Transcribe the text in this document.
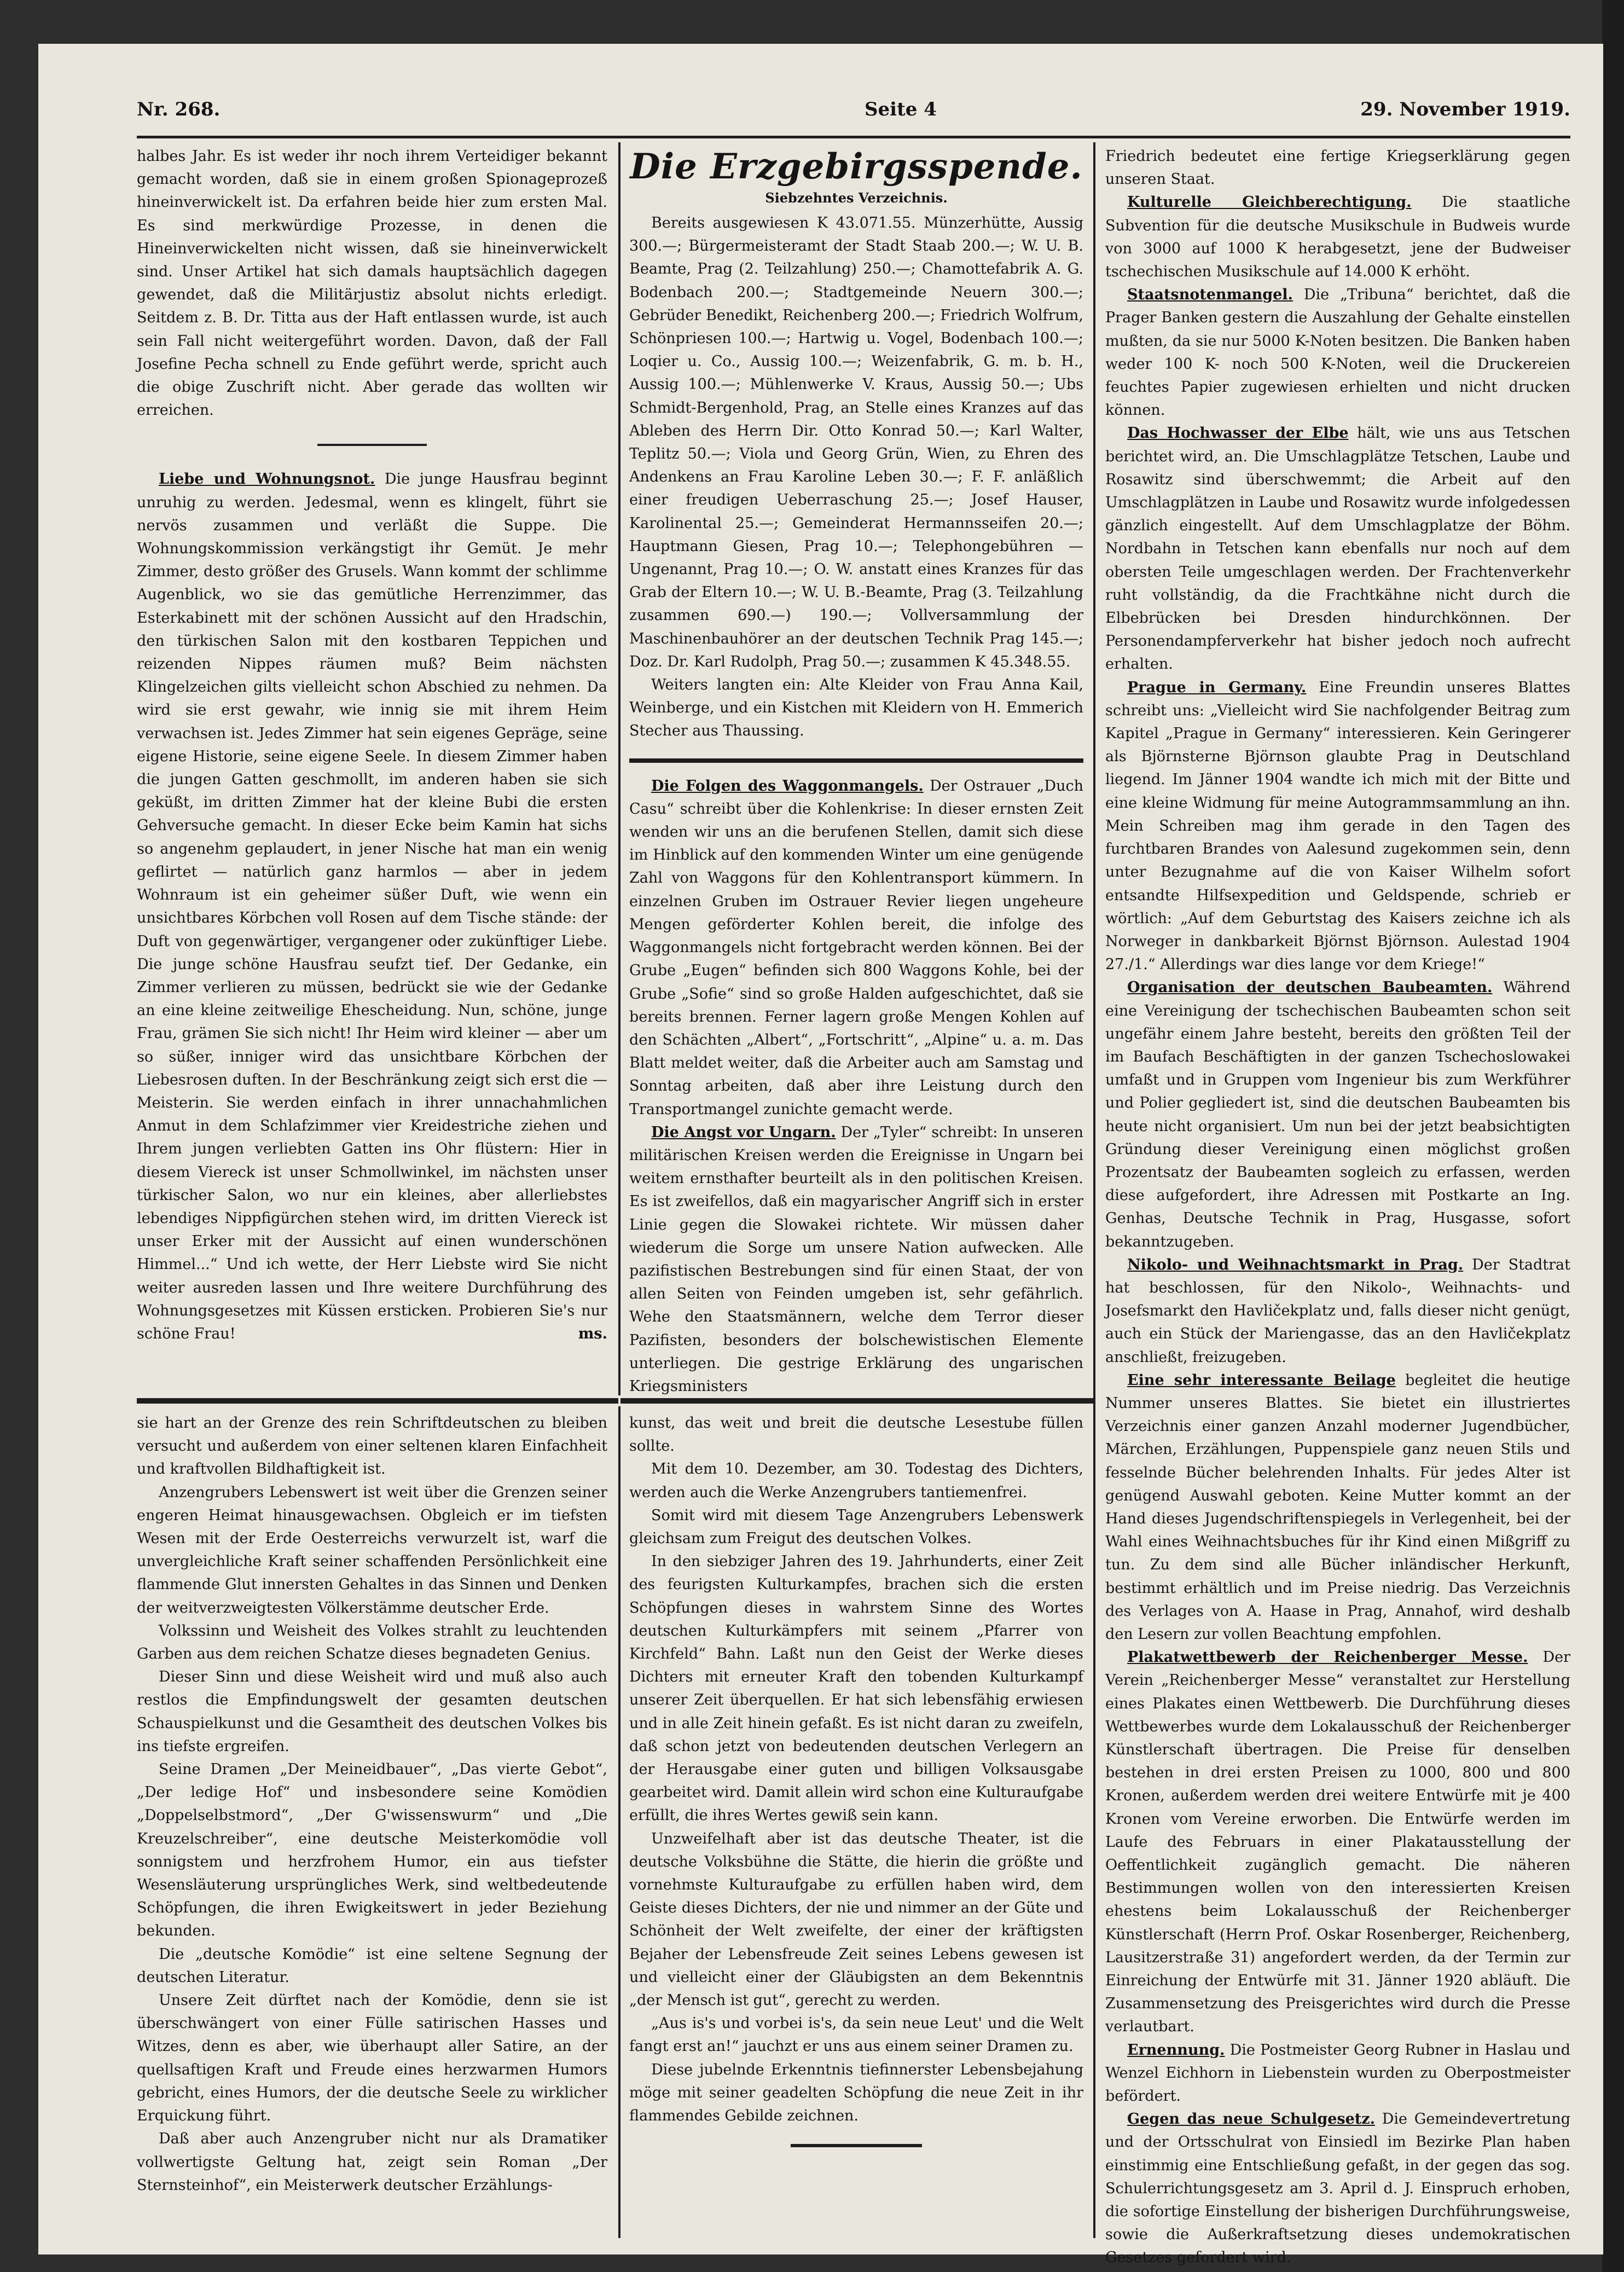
Nr. 268.	Seite 4	29. November 1919.

halbes Jahr. Es ist weder ihr noch ihrem Verteidiger bekannt gemacht worden, daß sie in einem großen Spionageprozeß hineinverwickelt ist. Da erfahren beide hier zum ersten Mal. Es sind merkwürdige Prozesse, in denen die Hineinverwickelten nicht wissen, daß sie hineinverwickelt sind. Unser Artikel hat sich damals hauptsächlich dagegen gewendet, daß die Militärjustiz absolut nichts erledigt. Seitdem z. B. Dr. Titta aus der Haft entlassen wurde, ist auch sein Fall nicht weitergeführt worden. Davon, daß der Fall Josefine Pecha schnell zu Ende geführt werde, spricht auch die obige Zuschrift nicht. Aber gerade das wollten wir erreichen.

Liebe und Wohnungsnot. Die junge Hausfrau beginnt unruhig zu werden. Jedesmal, wenn es klingelt, führt sie nervös zusammen und verläßt die Suppe. Die Wohnungskommission verkängstigt ihr Gemüt. Je mehr Zimmer, desto größer des Grusels. Wann kommt der schlimme Augenblick, wo sie das gemütliche Herrenzimmer, das Esterkabinett mit der schönen Aussicht auf den Hradschin, den türkischen Salon mit den kostbaren Teppichen und reizenden Nippes räumen muß? Beim nächsten Klingelzeichen gilts vielleicht schon Abschied zu nehmen. Da wird sie erst gewahr, wie innig sie mit ihrem Heim verwachsen ist. Jedes Zimmer hat sein eigenes Gepräge, seine eigene Historie, seine eigene Seele. In diesem Zimmer haben die jungen Gatten geschmollt, im anderen haben sie sich geküßt, im dritten Zimmer hat der kleine Bubi die ersten Gehversuche gemacht. In dieser Ecke beim Kamin hat sichs so angenehm geplaudert, in jener Nische hat man ein wenig geflirtet — natürlich ganz harmlos — aber in jedem Wohnraum ist ein geheimer süßer Duft, wie wenn ein unsichtbares Körbchen voll Rosen auf dem Tische stände: der Duft von gegenwärtiger, vergangener oder zukünftiger Liebe. Die junge schöne Hausfrau seufzt tief. Der Gedanke, ein Zimmer verlieren zu müssen, bedrückt sie wie der Gedanke an eine kleine zeitweilige Ehescheidung. Nun, schöne, junge Frau, grämen Sie sich nicht! Ihr Heim wird kleiner — aber um so süßer, inniger wird das unsichtbare Körbchen der Liebesrosen duften. In der Beschränkung zeigt sich erst die — Meisterin. Sie werden einfach in ihrer unnachahmlichen Anmut in dem Schlafzimmer vier Kreidestriche ziehen und Ihrem jungen verliebten Gatten ins Ohr flüstern: Hier in diesem Viereck ist unser Schmollwinkel, im nächsten unser türkischer Salon, wo nur ein kleines, aber allerliebstes lebendiges Nippfigürchen stehen wird, im dritten Viereck ist unser Erker mit der Aussicht auf einen wunderschönen Himmel...“ Und ich wette, der Herr Liebste wird Sie nicht weiter ausreden lassen und Ihre weitere Durchführung des Wohnungsgesetzes mit Küssen ersticken. Probieren Sie's nur schöne Frau!	ms.

Die Erzgebirgsspende.
Siebzehntes Verzeichnis.

Bereits ausgewiesen K 43.071.55. Münzerhütte, Aussig 300.—; Bürgermeisteramt der Stadt Staab 200.—; W. U. B. Beamte, Prag (2. Teilzahlung) 250.—; Chamottefabrik A. G. Bodenbach 200.—; Stadtgemeinde Neuern 300.—; Gebrüder Benedikt, Reichenberg 200.—; Friedrich Wolfrum, Schönpriesen 100.—; Hartwig u. Vogel, Bodenbach 100.—; Loqier u. Co., Aussig 100.—; Weizenfabrik, G. m. b. H., Aussig 100.—; Mühlenwerke V. Kraus, Aussig 50.—; Ubs Schmidt-Bergenhold, Prag, an Stelle eines Kranzes auf das Ableben des Herrn Dir. Otto Konrad 50.—; Karl Walter, Teplitz 50.—; Viola und Georg Grün, Wien, zu Ehren des Andenkens an Frau Karoline Leben 30.—; F. F. anläßlich einer freudigen Ueberraschung 25.—; Josef Hauser, Karolinental 25.—; Gemeinderat Hermannsseifen 20.—; Hauptmann Giesen, Prag 10.—; Telephongebühren — Ungenannt, Prag 10.—; O. W. anstatt eines Kranzes für das Grab der Eltern 10.—; W. U. B.-Beamte, Prag (3. Teilzahlung zusammen 690.—) 190.—; Vollversammlung der Maschinenbauhörer an der deutschen Technik Prag 145.—; Doz. Dr. Karl Rudolph, Prag 50.—; zusammen K 45.348.55.

Weiters langten ein: Alte Kleider von Frau Anna Kail, Weinberge, und ein Kistchen mit Kleidern von H. Emmerich Stecher aus Thaussing.

Die Folgen des Waggonmangels. Der Ostrauer „Duch Casu“ schreibt über die Kohlenkrise: In dieser ernsten Zeit wenden wir uns an die berufenen Stellen, damit sich diese im Hinblick auf den kommenden Winter um eine genügende Zahl von Waggons für den Kohlentransport kümmern. In einzelnen Gruben im Ostrauer Revier liegen ungeheure Mengen geförderter Kohlen bereit, die infolge des Waggonmangels nicht fortgebracht werden können. Bei der Grube „Eugen“ befinden sich 800 Waggons Kohle, bei der Grube „Sofie“ sind so große Halden aufgeschichtet, daß sie bereits brennen. Ferner lagern große Mengen Kohlen auf den Schächten „Albert“, „Fortschritt“, „Alpine“ u. a. m. Das Blatt meldet weiter, daß die Arbeiter auch am Samstag und Sonntag arbeiten, daß aber ihre Leistung durch den Transportmangel zunichte gemacht werde.

Die Angst vor Ungarn. Der „Tyler“ schreibt: In unseren militärischen Kreisen werden die Ereignisse in Ungarn bei weitem ernsthafter beurteilt als in den politischen Kreisen. Es ist zweifellos, daß ein magyarischer Angriff sich in erster Linie gegen die Slowakei richtete. Wir müssen daher wiederum die Sorge um unsere Nation aufwecken. Alle pazifistischen Bestrebungen sind für einen Staat, der von allen Seiten von Feinden umgeben ist, sehr gefährlich. Wehe den Staatsmännern, welche dem Terror dieser Pazifisten, besonders der bolschewistischen Elemente unterliegen. Die gestrige Erklärung des ungarischen Kriegsministers

Friedrich bedeutet eine fertige Kriegserklärung gegen unseren Staat.

Kulturelle Gleichberechtigung. Die staatliche Subvention für die deutsche Musikschule in Budweis wurde von 3000 auf 1000 K herabgesetzt, jene der Budweiser tschechischen Musikschule auf 14.000 K erhöht.

Staatsnotenmangel. Die „Tribuna“ berichtet, daß die Prager Banken gestern die Auszahlung der Gehalte einstellen mußten, da sie nur 5000 K-Noten besitzen. Die Banken haben weder 100 K- noch 500 K-Noten, weil die Druckereien feuchtes Papier zugewiesen erhielten und nicht drucken können.

Das Hochwasser der Elbe hält, wie uns aus Tetschen berichtet wird, an. Die Umschlagplätze Tetschen, Laube und Rosawitz sind überschwemmt; die Arbeit auf den Umschlagplätzen in Laube und Rosawitz wurde infolgedessen gänzlich eingestellt. Auf dem Umschlagplatze der Böhm. Nordbahn in Tetschen kann ebenfalls nur noch auf dem obersten Teile umgeschlagen werden. Der Frachtenverkehr ruht vollständig, da die Frachtkähne nicht durch die Elbebrücken bei Dresden hindurchkönnen. Der Personendampferverkehr hat bisher jedoch noch aufrecht erhalten.

Prague in Germany. Eine Freundin unseres Blattes schreibt uns: „Vielleicht wird Sie nachfolgender Beitrag zum Kapitel „Prague in Germany“ interessieren. Kein Geringerer als Björnsterne Björnson glaubte Prag in Deutschland liegend. Im Jänner 1904 wandte ich mich mit der Bitte und eine kleine Widmung für meine Autogrammsammlung an ihn. Mein Schreiben mag ihm gerade in den Tagen des furchtbaren Brandes von Aalesund zugekommen sein, denn unter Bezugnahme auf die von Kaiser Wilhelm sofort entsandte Hilfsexpedition und Geldspende, schrieb er wörtlich: „Auf dem Geburtstag des Kaisers zeichne ich als Norweger in dankbarkeit Björnst Björnson. Aulestad 1904 27./1.“ Allerdings war dies lange vor dem Kriege!“

Organisation der deutschen Baubeamten. Während eine Vereinigung der tschechischen Baubeamten schon seit ungefähr einem Jahre besteht, bereits den größten Teil der im Baufach Beschäftigten in der ganzen Tschechoslowakei umfaßt und in Gruppen vom Ingenieur bis zum Werkführer und Polier gegliedert ist, sind die deutschen Baubeamten bis heute nicht organisiert. Um nun bei der jetzt beabsichtigten Gründung dieser Vereinigung einen möglichst großen Prozentsatz der Baubeamten sogleich zu erfassen, werden diese aufgefordert, ihre Adressen mit Postkarte an Ing. Genhas, Deutsche Technik in Prag, Husgasse, sofort bekanntzugeben.

Nikolo- und Weihnachtsmarkt in Prag. Der Stadtrat hat beschlossen, für den Nikolo-, Weihnachts- und Josefsmarkt den Havličekplatz und, falls dieser nicht genügt, auch ein Stück der Mariengasse, das an den Havličekplatz anschließt, freizugeben.

Eine sehr interessante Beilage begleitet die heutige Nummer unseres Blattes. Sie bietet ein illustriertes Verzeichnis einer ganzen Anzahl moderner Jugendbücher, Märchen, Erzählungen, Puppenspiele ganz neuen Stils und fesselnde Bücher belehrenden Inhalts. Für jedes Alter ist genügend Auswahl geboten. Keine Mutter kommt an der Hand dieses Jugendschriftenspiegels in Verlegenheit, bei der Wahl eines Weihnachtsbuches für ihr Kind einen Mißgriff zu tun. Zu dem sind alle Bücher inländischer Herkunft, bestimmt erhältlich und im Preise niedrig. Das Verzeichnis des Verlages von A. Haase in Prag, Annahof, wird deshalb den Lesern zur vollen Beachtung empfohlen.

Plakatwettbewerb der Reichenberger Messe. Der Verein „Reichenberger Messe“ veranstaltet zur Herstellung eines Plakates einen Wettbewerb. Die Durchführung dieses Wettbewerbes wurde dem Lokalausschuß der Reichenberger Künstlerschaft übertragen. Die Preise für denselben bestehen in drei ersten Preisen zu 1000, 800 und 800 Kronen, außerdem werden drei weitere Entwürfe mit je 400 Kronen vom Vereine erworben. Die Entwürfe werden im Laufe des Februars in einer Plakatausstellung der Oeffentlichkeit zugänglich gemacht. Die näheren Bestimmungen wollen von den interessierten Kreisen ehestens beim Lokalausschuß der Reichenberger Künstlerschaft (Herrn Prof. Oskar Rosenberger, Reichenberg, Lausitzerstraße 31) angefordert werden, da der Termin zur Einreichung der Entwürfe mit 31. Jänner 1920 abläuft. Die Zusammensetzung des Preisgerichtes wird durch die Presse verlautbart.

Ernennung. Die Postmeister Georg Rubner in Haslau und Wenzel Eichhorn in Liebenstein wurden zu Oberpostmeister befördert.

Gegen das neue Schulgesetz. Die Gemeindevertretung und der Ortsschulrat von Einsiedl im Bezirke Plan haben einstimmig eine Entschließung gefaßt, in der gegen das sog. Schulerrichtungsgesetz am 3. April d. J. Einspruch erhoben, die sofortige Einstellung der bisherigen Durchführungsweise, sowie die Außerkraftsetzung dieses undemokratischen Gesetzes gefordert wird.

sie hart an der Grenze des rein Schriftdeutschen zu bleiben versucht und außerdem von einer seltenen klaren Einfachheit und kraftvollen Bildhaftigkeit ist.

Anzengrubers Lebenswert ist weit über die Grenzen seiner engeren Heimat hinausgewachsen. Obgleich er im tiefsten Wesen mit der Erde Oesterreichs verwurzelt ist, warf die unvergleichliche Kraft seiner schaffenden Persönlichkeit eine flammende Glut innersten Gehaltes in das Sinnen und Denken der weitverzweigtesten Völkerstämme deutscher Erde.

Volkssinn und Weisheit des Volkes strahlt zu leuchtenden Garben aus dem reichen Schatze dieses begnadeten Genius.

Dieser Sinn und diese Weisheit wird und muß also auch restlos die Empfindungswelt der gesamten deutschen Schauspielkunst und die Gesamtheit des deutschen Volkes bis ins tiefste ergreifen.

Seine Dramen „Der Meineidbauer“, „Das vierte Gebot“, „Der ledige Hof“ und insbesondere seine Komödien „Doppelselbstmord“, „Der G'wissenswurm“ und „Die Kreuzelschreiber“, eine deutsche Meisterkomödie voll sonnigstem und herzfrohem Humor, ein aus tiefster Wesensläuterung ursprüngliches Werk, sind weltbedeutende Schöpfungen, die ihren Ewigkeitswert in jeder Beziehung bekunden.

Die „deutsche Komödie“ ist eine seltene Segnung der deutschen Literatur.

Unsere Zeit dürftet nach der Komödie, denn sie ist überschwängert von einer Fülle satirischen Hasses und Witzes, denn es aber, wie überhaupt aller Satire, an der quellsaftigen Kraft und Freude eines herzwarmen Humors gebricht, eines Humors, der die deutsche Seele zu wirklicher Erquickung führt.

Daß aber auch Anzengruber nicht nur als Dramatiker vollwertigste Geltung hat, zeigt sein Roman „Der Sternsteinhof“, ein Meisterwerk deutscher Erzählungs-

kunst, das weit und breit die deutsche Lesestube füllen sollte.

Mit dem 10. Dezember, am 30. Todestag des Dichters, werden auch die Werke Anzengrubers tantiemenfrei.

Somit wird mit diesem Tage Anzengrubers Lebenswerk gleichsam zum Freigut des deutschen Volkes.

In den siebziger Jahren des 19. Jahrhunderts, einer Zeit des feurigsten Kulturkampfes, brachen sich die ersten Schöpfungen dieses in wahrstem Sinne des Wortes deutschen Kulturkämpfers mit seinem „Pfarrer von Kirchfeld“ Bahn. Laßt nun den Geist der Werke dieses Dichters mit erneuter Kraft den tobenden Kulturkampf unserer Zeit überquellen. Er hat sich lebensfähig erwiesen und in alle Zeit hinein gefaßt. Es ist nicht daran zu zweifeln, daß schon jetzt von bedeutenden deutschen Verlegern an der Herausgabe einer guten und billigen Volksausgabe gearbeitet wird. Damit allein wird schon eine Kulturaufgabe erfüllt, die ihres Wertes gewiß sein kann.

Unzweifelhaft aber ist das deutsche Theater, ist die deutsche Volksbühne die Stätte, die hierin die größte und vornehmste Kulturaufgabe zu erfüllen haben wird, dem Geiste dieses Dichters, der nie und nimmer an der Güte und Schönheit der Welt zweifelte, der einer der kräftigsten Bejaher der Lebensfreude Zeit seines Lebens gewesen ist und vielleicht einer der Gläubigsten an dem Bekenntnis „der Mensch ist gut“, gerecht zu werden.

„Aus is's und vorbei is's, da sein neue Leut' und die Welt fangt erst an!“ jauchzt er uns aus einem seiner Dramen zu.

Diese jubelnde Erkenntnis tiefinnerster Lebensbejahung möge mit seiner geadelten Schöpfung die neue Zeit in ihr flammendes Gebilde zeichnen.
